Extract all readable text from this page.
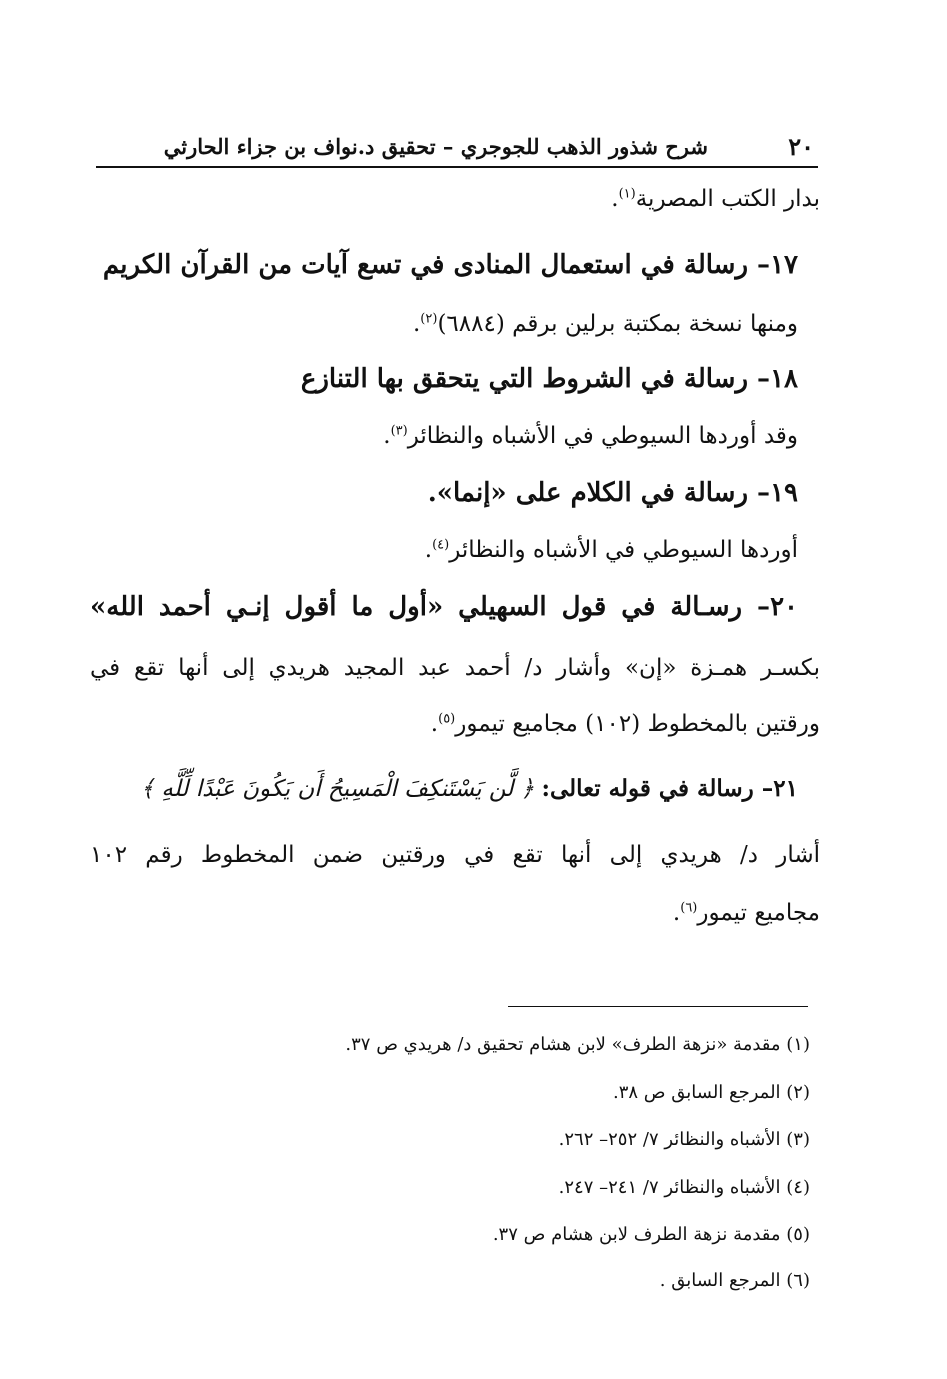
٢٠
شرح شذور الذهب للجوجري – تحقيق د.نواف بن جزاء الحارثي
بدار الكتب المصرية$^{(١)}$.
١٧– رسالة في استعمال المنادى في تسع آيات من القرآن الكريم
ومنها نسخة بمكتبة برلين برقم (٦٨٨٤)$^{(٢)}$.
١٨– رسالة في الشروط التي يتحقق بها التنازع
وقد أوردها السيوطي في الأشباه والنظائر$^{(٣)}$.
١٩– رسالة في الكلام على «إنما».
أوردها السيوطي في الأشباه والنظائر$^{(٤)}$.
٢٠– رسـالة في قول السهيلي «أول ما أقول إنـي أحمد الله»
بكسـر همـزة «إن» وأشار د/ أحمد عبد المجيد هريدي إلى أنها تقع في
ورقتين بالمخطوط (١٠٢) مجاميع تيمور$^{(٥)}$.
٢١– رسالة في قوله تعالى: ﴿ لَّن يَسْتَنكِفَ الْمَسِيحُ أَن يَكُونَ عَبْدًا لِّلَّهِ ﴾
أشار د/ هريدي إلى أنها تقع في ورقتين ضمن المخطوط رقم ١٠٢
مجاميع تيمور$^{(٦)}$.
(١) مقدمة «نزهة الطرف» لابن هشام تحقيق د/ هريدي ص ٣٧.
(٢) المرجع السابق ص ٣٨.
(٣) الأشباه والنظائر ٧/ ٢٥٢– ٢٦٢.
(٤) الأشباه والنظائر ٧/ ٢٤١– ٢٤٧.
(٥) مقدمة نزهة الطرف لابن هشام ص ٣٧.
(٦) المرجع السابق .
